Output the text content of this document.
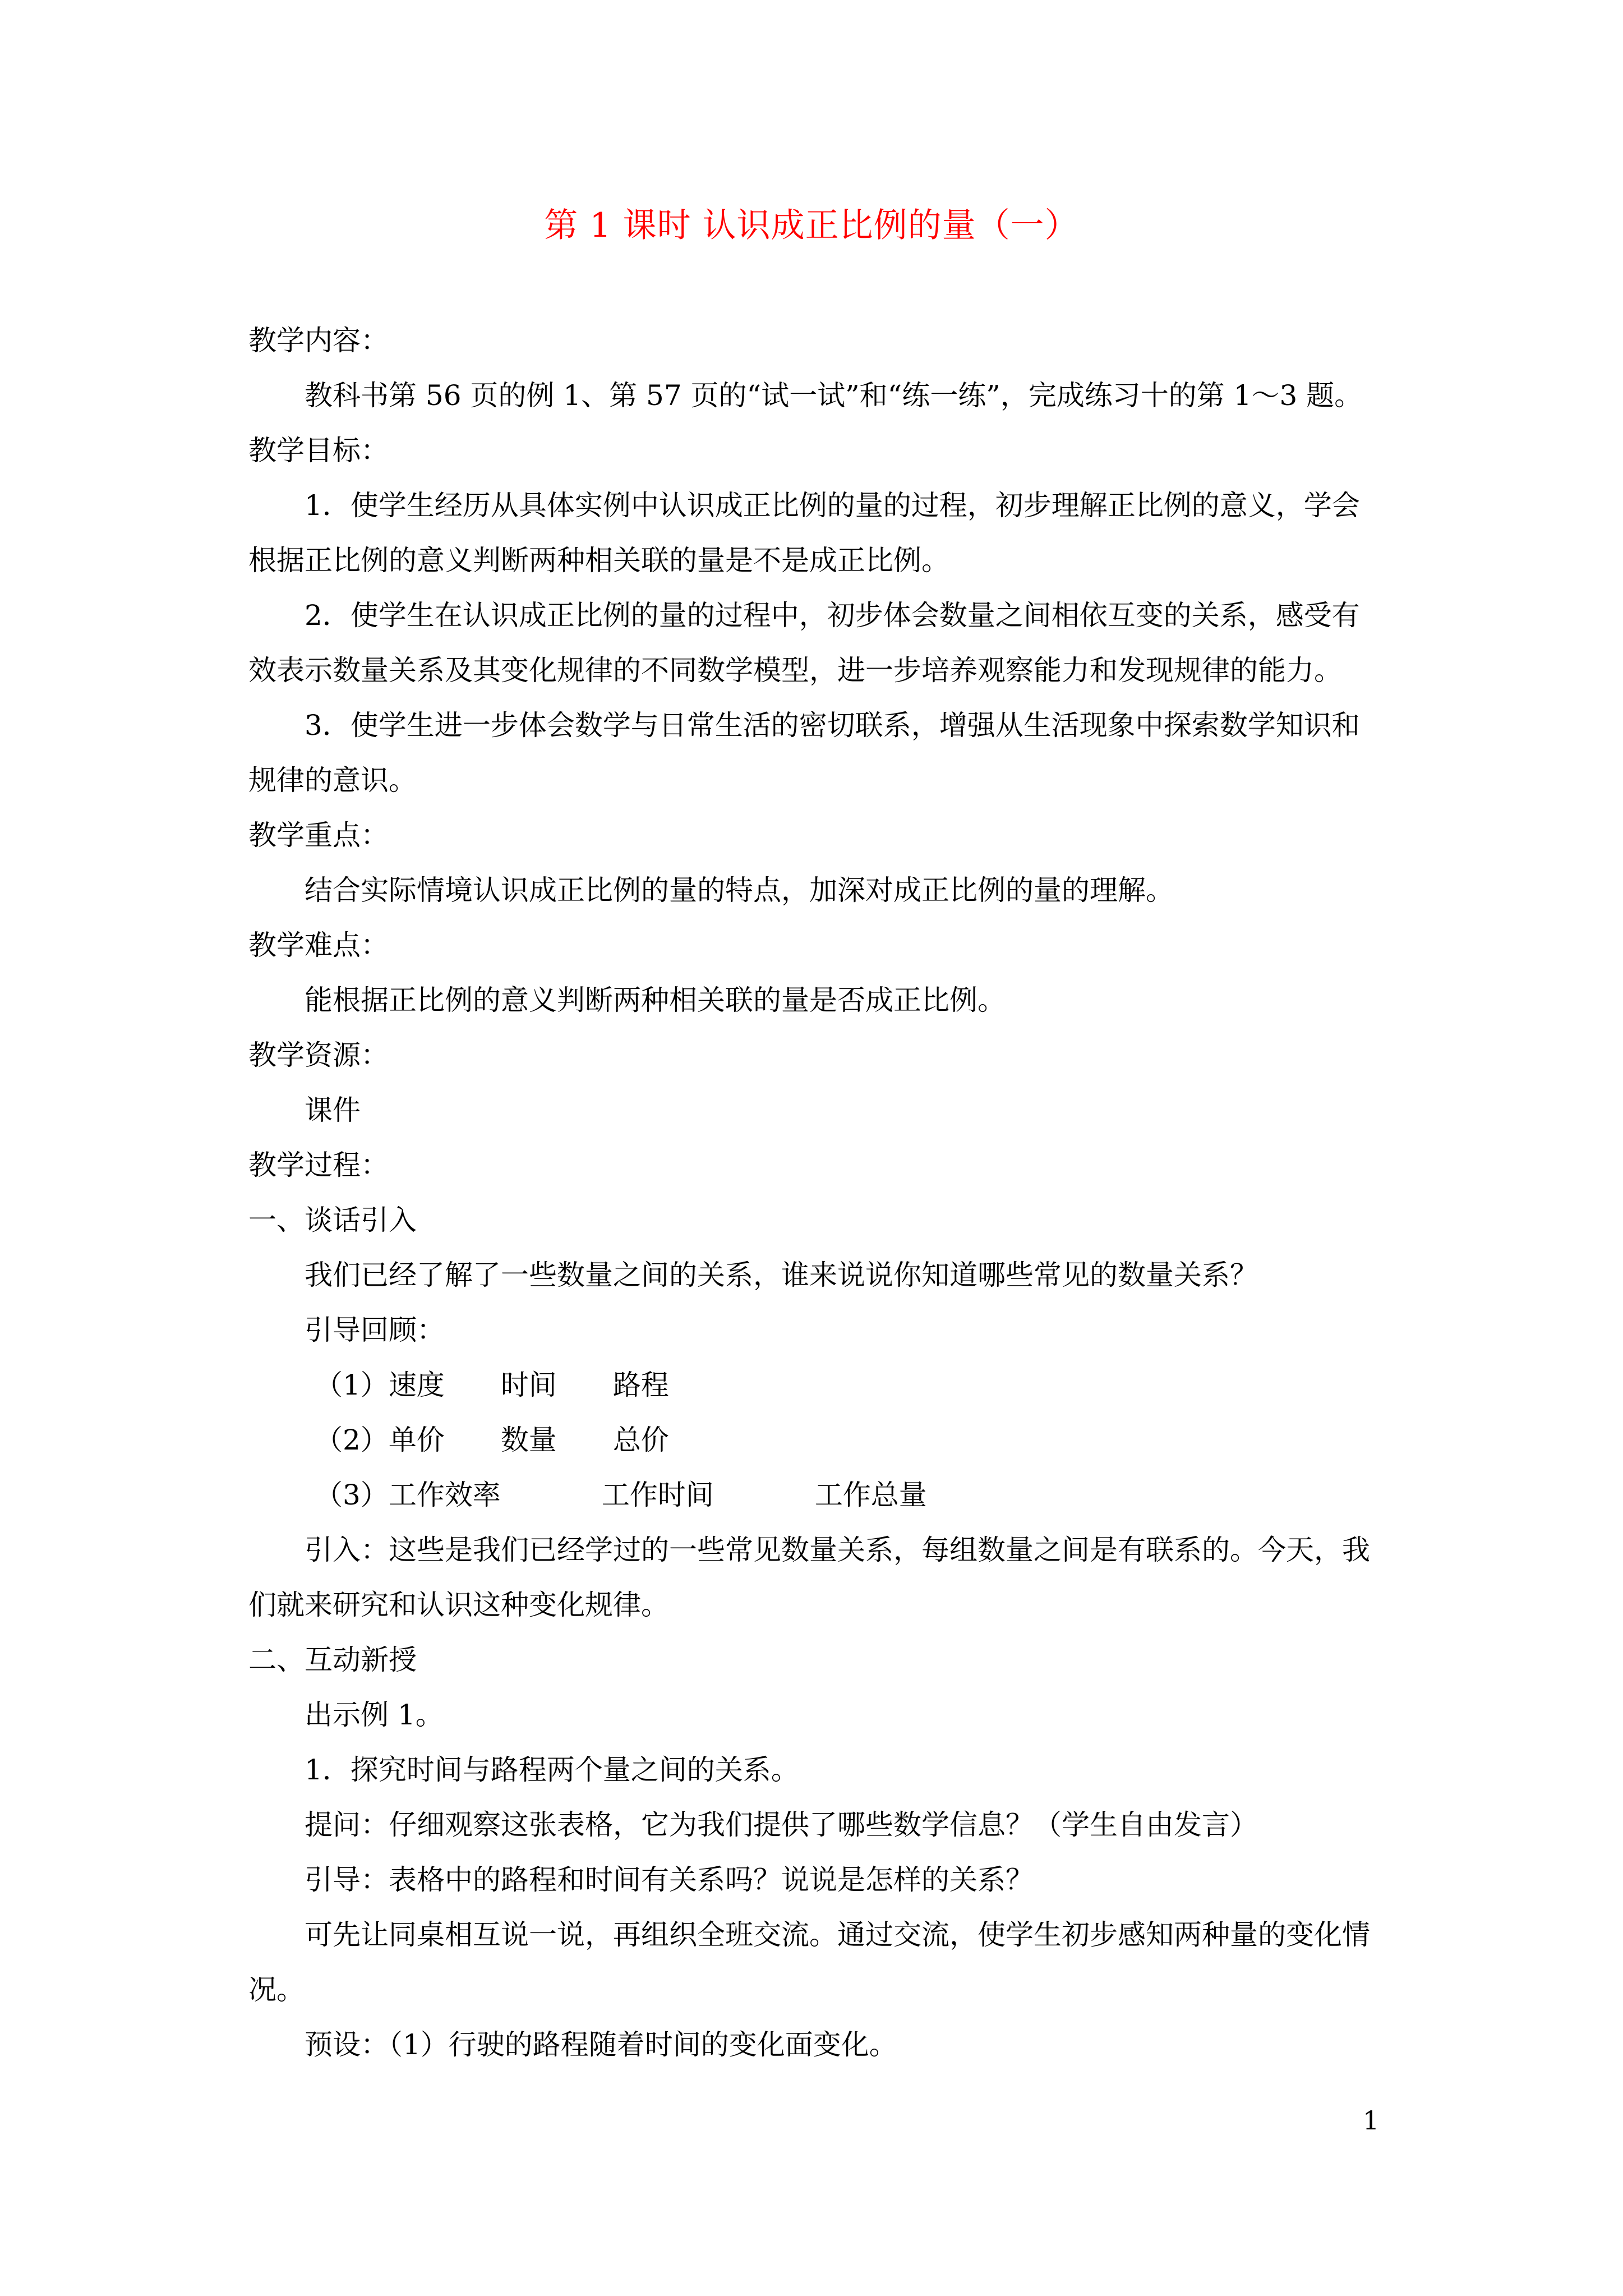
第 1 课时 认识成正比例的量（一）
教学内容：
教科书第 56 页的例 1、第 57 页的“试一试”和“练一练”，完成练习十的第 1～3 题。
教学目标：
1．使学生经历从具体实例中认识成正比例的量的过程，初步理解正比例的意义，学会
根据正比例的意义判断两种相关联的量是不是成正比例。
2．使学生在认识成正比例的量的过程中，初步体会数量之间相依互变的关系，感受有
效表示数量关系及其变化规律的不同数学模型，进一步培养观察能力和发现规律的能力。
3．使学生进一步体会数学与日常生活的密切联系，增强从生活现象中探索数学知识和
规律的意识。
教学重点：
结合实际情境认识成正比例的量的特点，加深对成正比例的量的理解。
教学难点：
能根据正比例的意义判断两种相关联的量是否成正比例。
教学资源：
课件
教学过程：
一、谈话引入
我们已经了解了一些数量之间的关系，谁来说说你知道哪些常见的数量关系？
引导回顾：
（1）速度 时间 路程
（2）单价 数量 总价
（3）工作效率	工作时间	工作总量
引入：这些是我们已经学过的一些常见数量关系，每组数量之间是有联系的。今天，我
们就来研究和认识这种变化规律。
二、互动新授
出示例 1。
1．探究时间与路程两个量之间的关系。
提问：仔细观察这张表格，它为我们提供了哪些数学信息？（学生自由发言）
引导：表格中的路程和时间有关系吗？说说是怎样的关系？
可先让同桌相互说一说，再组织全班交流。通过交流，使学生初步感知两种量的变化情
况。
预设：（1）行驶的路程随着时间的变化面变化。
1
